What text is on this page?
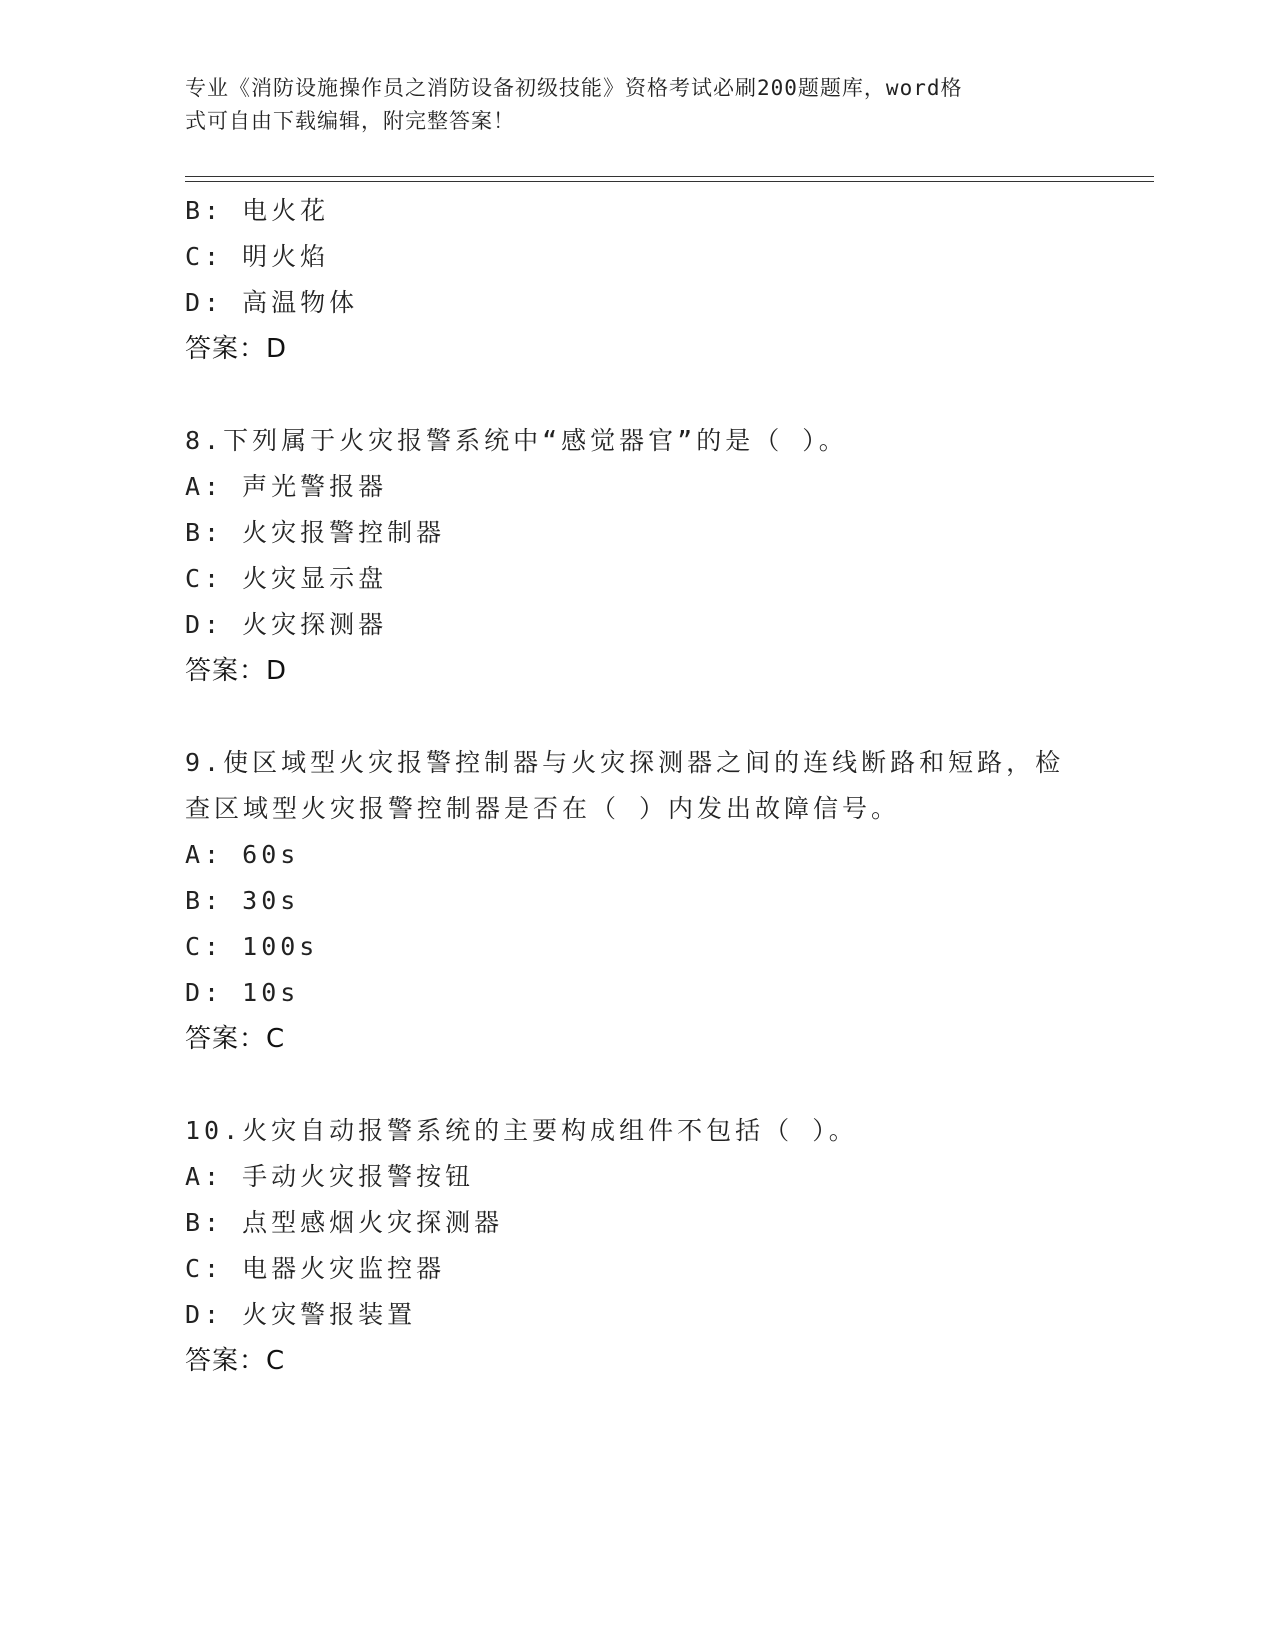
专业《消防设施操作员之消防设备初级技能》资格考试必刷200题题库，word格
式可自由下载编辑，附完整答案！
B: 电火花
C: 明火焰
D: 高温物体
答案：D
8.下列属于火灾报警系统中“感觉器官”的是（ ）。
A: 声光警报器
B: 火灾报警控制器
C: 火灾显示盘
D: 火灾探测器
答案：D
9.使区域型火灾报警控制器与火灾探测器之间的连线断路和短路，检
查区域型火灾报警控制器是否在（ ）内发出故障信号。
A: 60s
B: 30s
C: 100s
D: 10s
答案：C
10.火灾自动报警系统的主要构成组件不包括（ ）。
A: 手动火灾报警按钮
B: 点型感烟火灾探测器
C: 电器火灾监控器
D: 火灾警报装置
答案：C
